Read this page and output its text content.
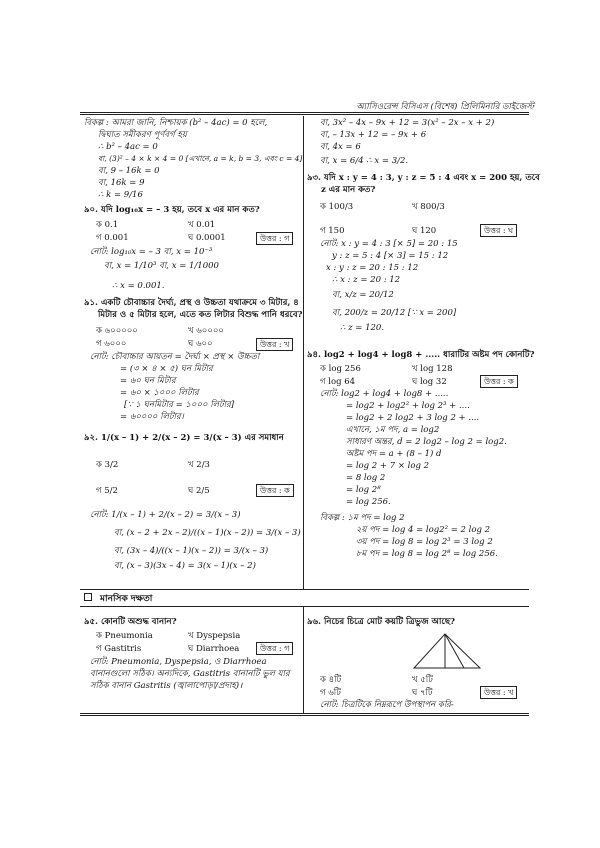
অ্যাসিওরেন্স বিসিএস (বিশেষ) প্রিলিমিনারি ডাইজেস্ট
বিকল্প : আমরা জানি, নিশ্চায়ক (b² – 4ac) = 0 হলে,
দ্বিঘাত সমীকরণ পূর্ণবর্গ হয়
∴ b² – 4ac = 0
বা, (3)² – 4 × k × 4 = 0 [এখানে, a = k, b = 3, এবং c = 4]
বা, 9 – 16k = 0
বা, 16k = 9
∴ k = 9/16
৯০. যদি log₁₀x = – 3 হয়, তবে x এর মান কত?
ক 0.1	খ 0.01
গ 0.001	ঘ 0.0001	উত্তর : গ
নোট: log₁₀x = – 3 বা, x = 10⁻³
বা, x = 1/10³ বা, x = 1/1000
∴ x = 0.001.
৯১. একটি চৌবাচ্চার দৈর্ঘ্য, প্রস্থ ও উচ্চতা যথাক্রমে ৩ মিটার, ৪
মিটার ও ৫ মিটার হলে, এতে কত লিটার বিশুদ্ধ পানি ধরবে?
ক ৬০০০০০	খ ৬০০০০
গ ৬০০০	ঘ ৬০০	উত্তর : খ
নোট: চৌবাচ্চার আয়তন = দৈর্ঘ্য × প্রস্থ × উচ্চতা
= (৩ × ৪ × ৫) ঘন মিটার
= ৬০ ঘন মিটার
= ৬০ × ১০০০ লিটার
[∵ ১ ঘনমিটার = ১০০০ লিটার]
= ৬০০০০ লিটার।
৯২. 1/(x – 1) + 2/(x – 2) = 3/(x – 3) এর সমাধান
ক 3/2	খ 2/3
গ 5/2	ঘ 2/5	উত্তর : ক
নোট: 1/(x – 1) + 2/(x – 2) = 3/(x – 3)
বা, (x – 2 + 2x – 2)/((x – 1)(x – 2)) = 3/(x – 3)
বা, (3x – 4)/((x – 1)(x – 2)) = 3/(x – 3)
বা, (x – 3)(3x – 4) = 3(x – 1)(x – 2)
বা, 3x² – 4x – 9x + 12 = 3(x² – 2x – x + 2)
বা, – 13x + 12 = – 9x + 6
বা, 4x = 6
বা, x = 6/4 ∴ x = 3/2.
৯৩. যদি x : y = 4 : 3, y : z = 5 : 4 এবং x = 200 হয়, তবে
z এর মান কত?
ক 100/3	খ 800/3
গ 150	ঘ 120	উত্তর : ঘ
নোট: x : y = 4 : 3 [× 5] = 20 : 15
y : z = 5 : 4 [× 3] = 15 : 12
x : y : z = 20 : 15 : 12
∴ x : z = 20 : 12
বা, x/z = 20/12
বা, 200/z = 20/12 [∵ x = 200]
∴ z = 120.
৯৪. log2 + log4 + log8 + ..... ধারাটির অষ্টম পদ কোনটি?
ক log 256	খ log 128
গ log 64	ঘ log 32	উত্তর : ক
নোট: log2 + log4 + log8 + .....
= log2 + log2² + log 2³ + ....
= log2 + 2 log2 + 3 log 2 + ....
এখানে, ১ম পদ, a = log2
সাধারণ অন্তর, d = 2 log2 – log 2 = log2.
অষ্টম পদ = a + (8 – 1) d
= log 2 + 7 × log 2
= 8 log 2
= log 2⁸
= log 256.
বিকল্প : ১ম পদ = log 2
২য় পদ = log 4 = log2² = 2 log 2
৩য় পদ = log 8 = log 2³ = 3 log 2
৮ম পদ = log 8 = log 2⁸ = log 256.
মানসিক দক্ষতা
৯৫. কোনটি অশুদ্ধ বানান?
ক Pneumonia	খ Dyspepsia
গ Gastitris	ঘ Diarrhoea	উত্তর : গ
নোট: Pneumonia, Dyspepsia, ও Diarrhoea
বানানগুলো সঠিক। অন্যদিকে, Gastitris বানানটি ভুল যার
সঠিক বানান Gastritis (জ্বালাপোড়া/প্রদাহ)।
৯৬. নিচের চিত্রে মোট কয়টি ত্রিভুজ আছে?
ক ৪টি	খ ৫টি
গ ৬টি	ঘ ৭টি	উত্তর : খ
নোট: চিত্রটিকে নিম্নরূপে উপস্থাপন করি-
